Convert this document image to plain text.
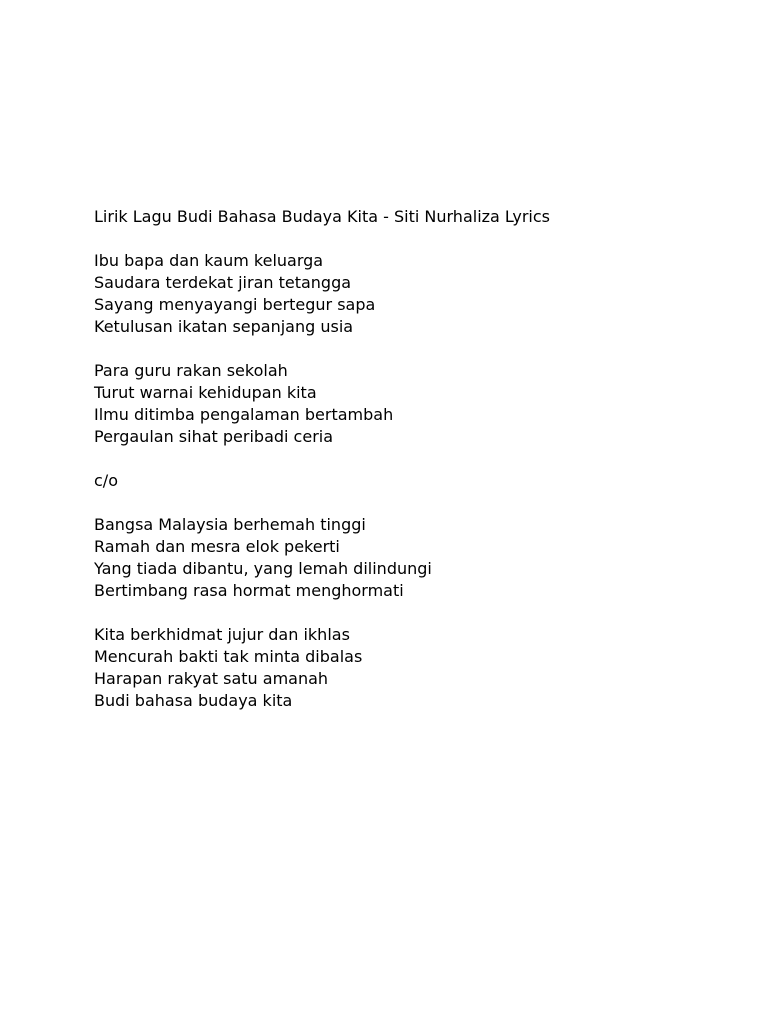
Lirik Lagu Budi Bahasa Budaya Kita - Siti Nurhaliza Lyrics
Ibu bapa dan kaum keluarga
Saudara terdekat jiran tetangga
Sayang menyayangi bertegur sapa
Ketulusan ikatan sepanjang usia
Para guru rakan sekolah
Turut warnai kehidupan kita
Ilmu ditimba pengalaman bertambah
Pergaulan sihat peribadi ceria
c/o
Bangsa Malaysia berhemah tinggi
Ramah dan mesra elok pekerti
Yang tiada dibantu, yang lemah dilindungi
Bertimbang rasa hormat menghormati
Kita berkhidmat jujur dan ikhlas
Mencurah bakti tak minta dibalas
Harapan rakyat satu amanah
Budi bahasa budaya kita
